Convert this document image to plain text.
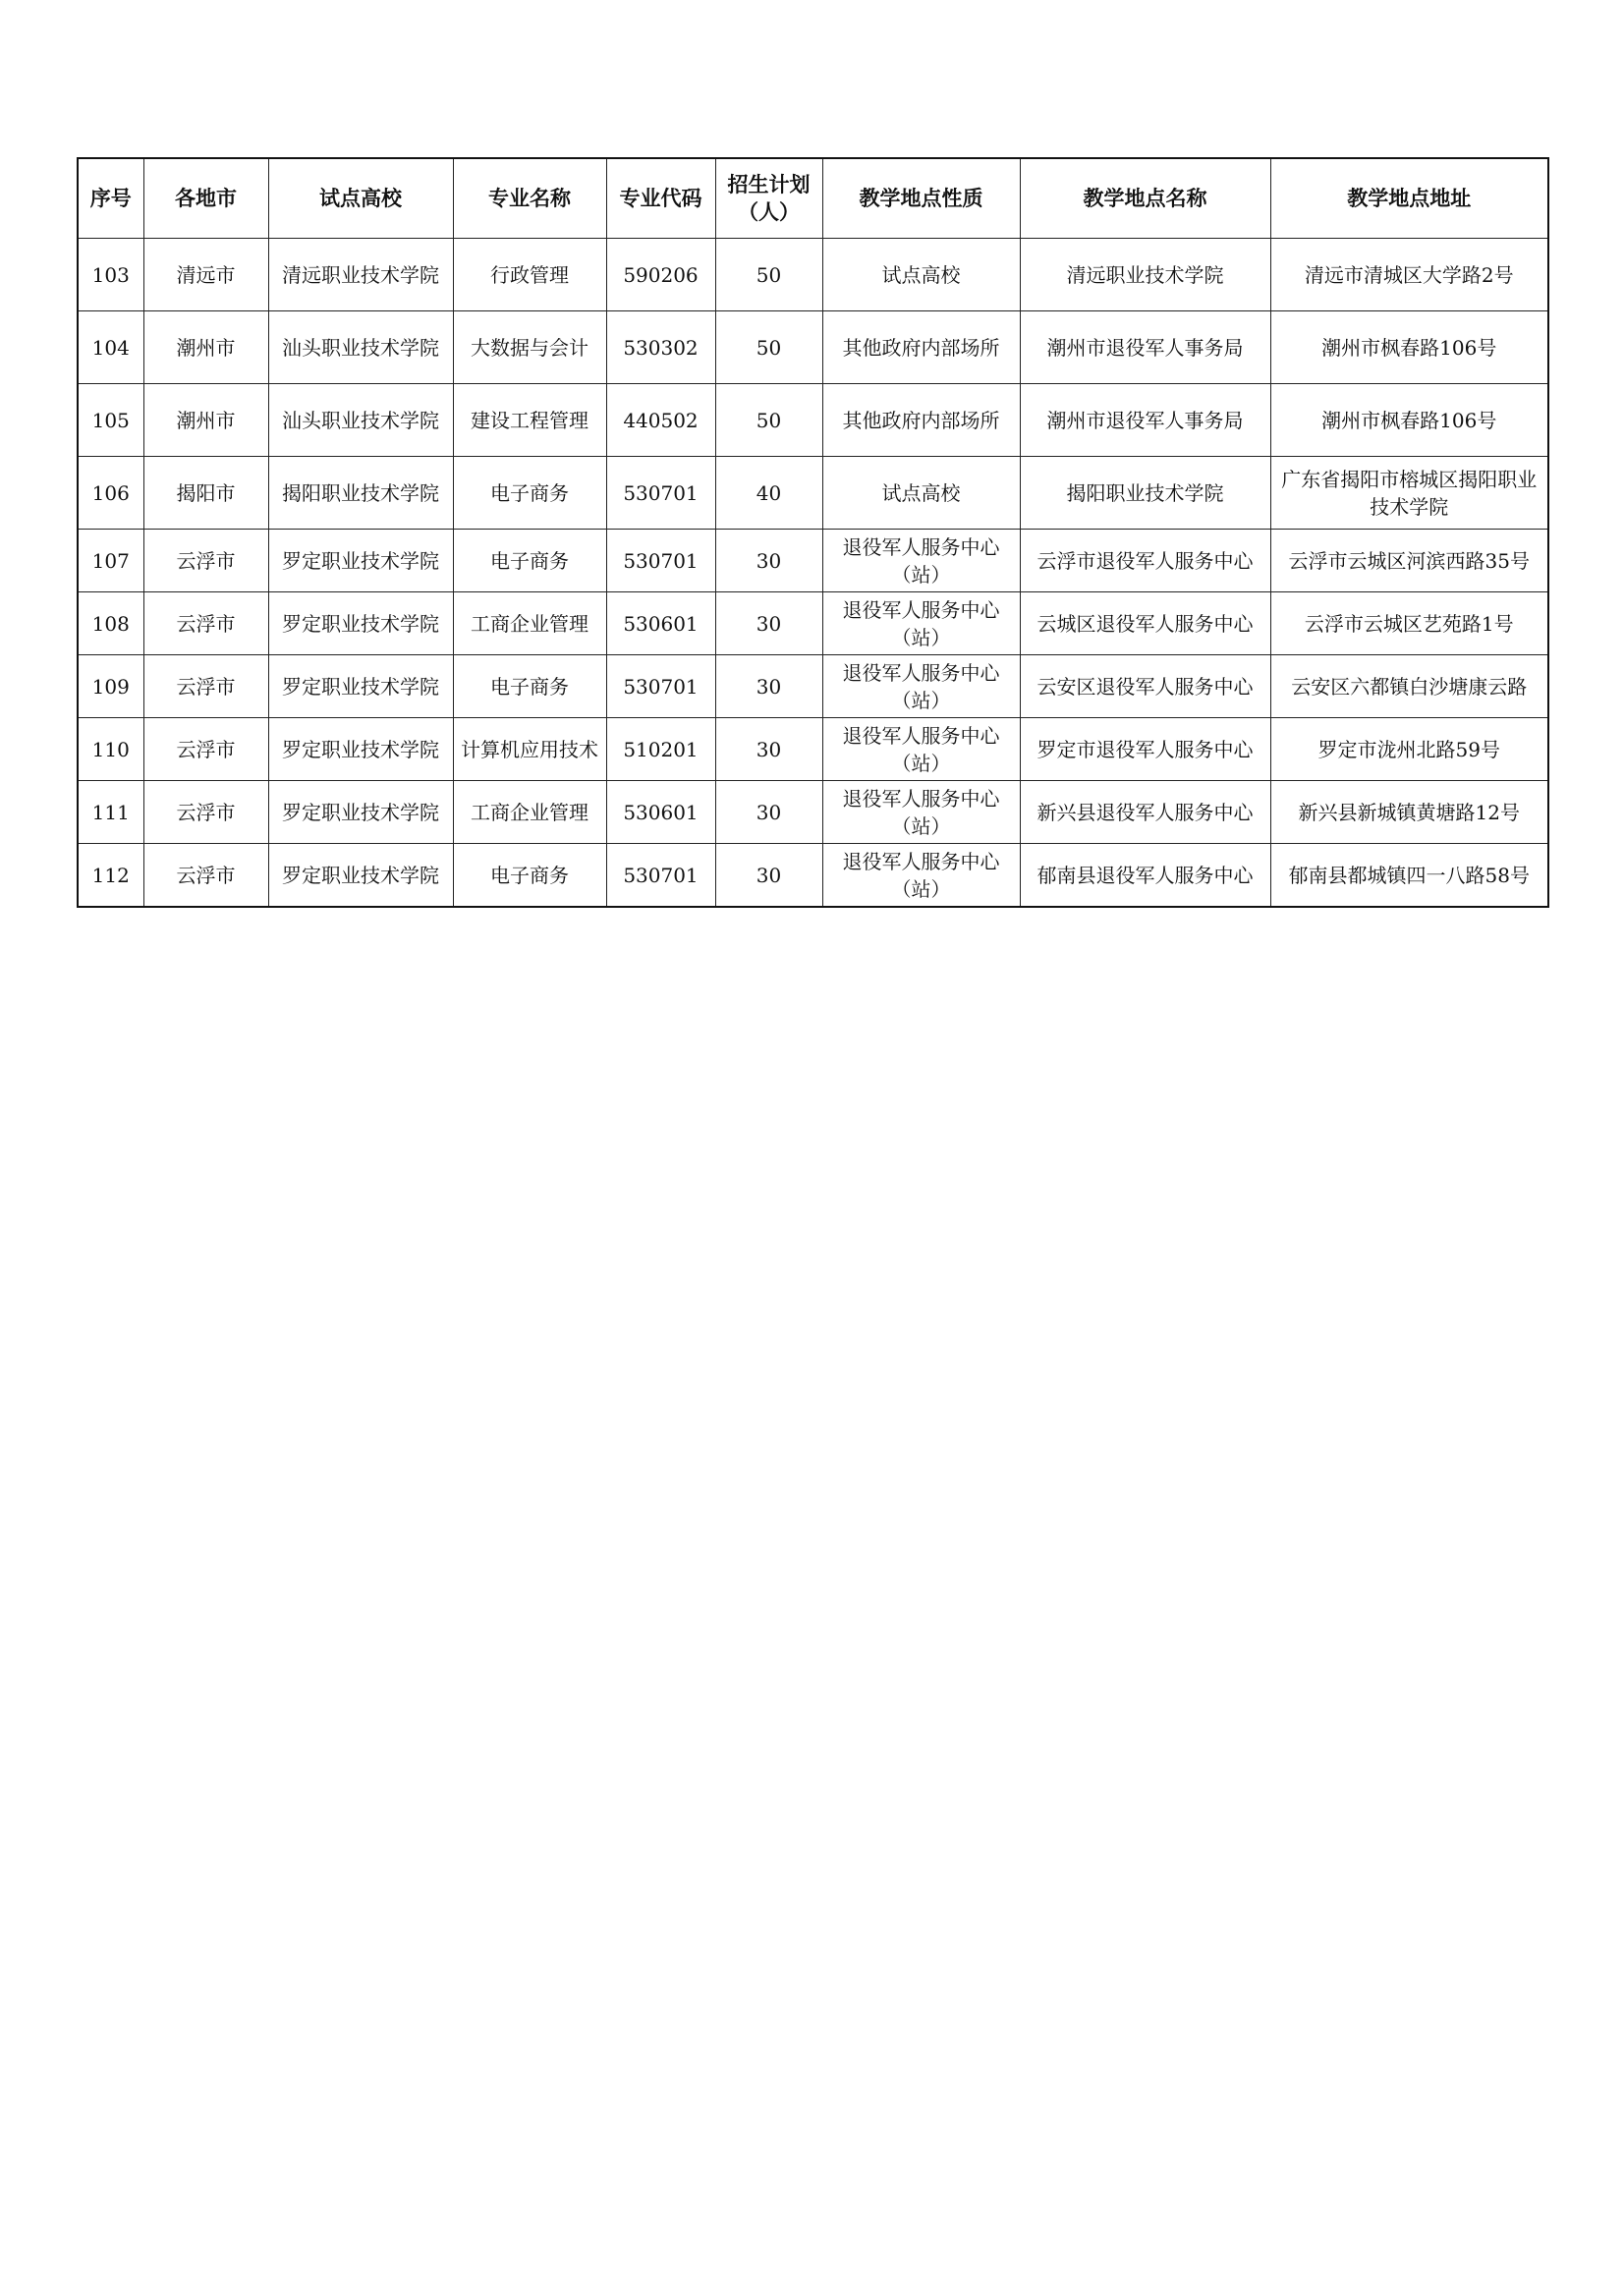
序号	各地市	试点高校	专业名称	专业代码	招生计划（人）	教学地点性质	教学地点名称	教学地点地址
103	清远市	清远职业技术学院	行政管理	590206	50	试点高校	清远职业技术学院	清远市清城区大学路2号
104	潮州市	汕头职业技术学院	大数据与会计	530302	50	其他政府内部场所	潮州市退役军人事务局	潮州市枫春路106号
105	潮州市	汕头职业技术学院	建设工程管理	440502	50	其他政府内部场所	潮州市退役军人事务局	潮州市枫春路106号
106	揭阳市	揭阳职业技术学院	电子商务	530701	40	试点高校	揭阳职业技术学院	广东省揭阳市榕城区揭阳职业技术学院
107	云浮市	罗定职业技术学院	电子商务	530701	30	退役军人服务中心（站）	云浮市退役军人服务中心	云浮市云城区河滨西路35号
108	云浮市	罗定职业技术学院	工商企业管理	530601	30	退役军人服务中心（站）	云城区退役军人服务中心	云浮市云城区艺苑路1号
109	云浮市	罗定职业技术学院	电子商务	530701	30	退役军人服务中心（站）	云安区退役军人服务中心	云安区六都镇白沙塘康云路
110	云浮市	罗定职业技术学院	计算机应用技术	510201	30	退役军人服务中心（站）	罗定市退役军人服务中心	罗定市泷州北路59号
111	云浮市	罗定职业技术学院	工商企业管理	530601	30	退役军人服务中心（站）	新兴县退役军人服务中心	新兴县新城镇黄塘路12号
112	云浮市	罗定职业技术学院	电子商务	530701	30	退役军人服务中心（站）	郁南县退役军人服务中心	郁南县都城镇四一八路58号
